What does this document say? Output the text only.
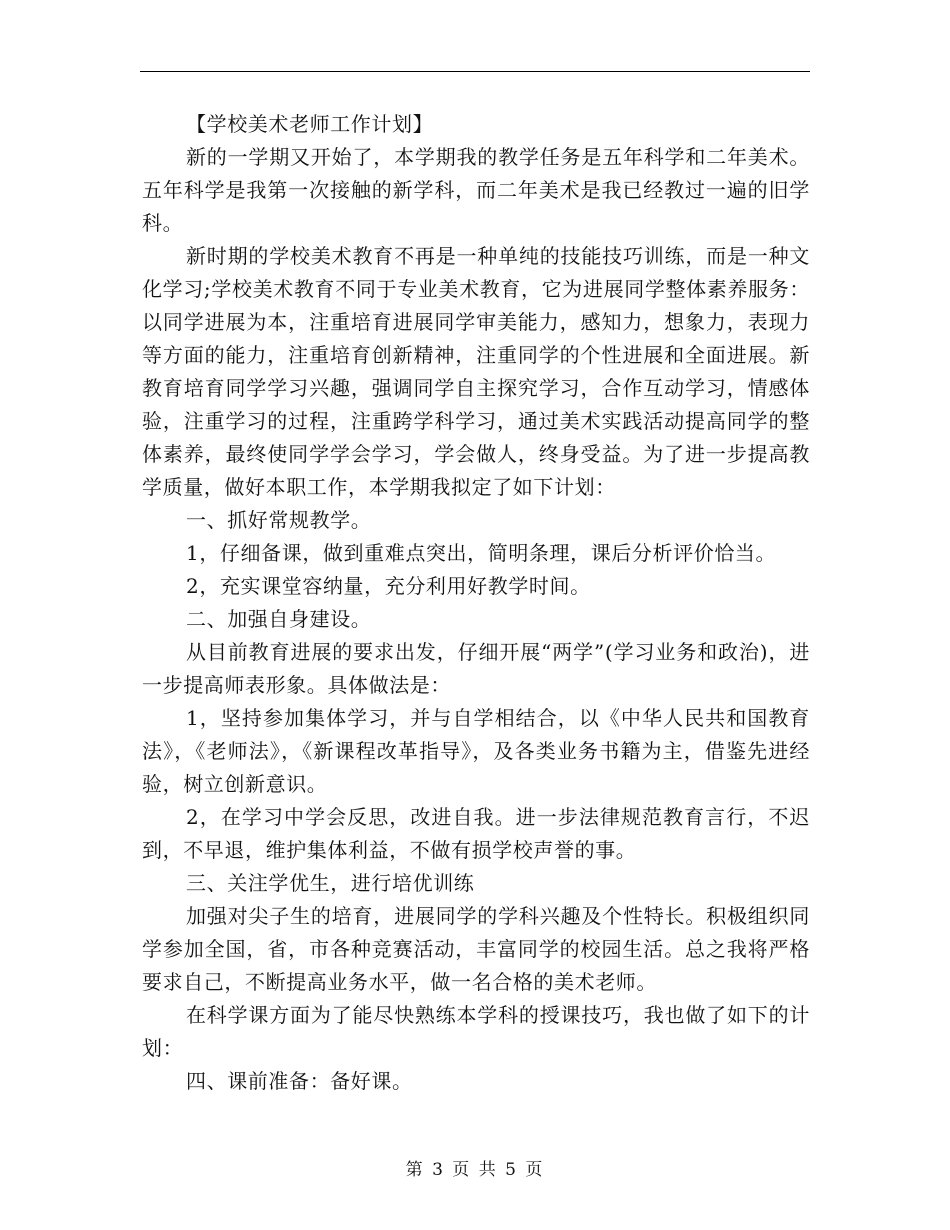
【学校美术老师工作计划】

新的一学期又开始了，本学期我的教学任务是五年科学和二年美术。五年科学是我第一次接触的新学科，而二年美术是我已经教过一遍的旧学科。

新时期的学校美术教育不再是一种单纯的技能技巧训练，而是一种文化学习;学校美术教育不同于专业美术教育，它为进展同学整体素养服务：以同学进展为本，注重培育进展同学审美能力，感知力，想象力，表现力等方面的能力，注重培育创新精神，注重同学的个性进展和全面进展。新教育培育同学学习兴趣，强调同学自主探究学习，合作互动学习，情感体验，注重学习的过程，注重跨学科学习，通过美术实践活动提高同学的整体素养，最终使同学学会学习，学会做人，终身受益。为了进一步提高教学质量，做好本职工作，本学期我拟定了如下计划：

一、抓好常规教学。

1，仔细备课，做到重难点突出，简明条理，课后分析评价恰当。

2，充实课堂容纳量，充分利用好教学时间。

二、加强自身建设。

从目前教育进展的要求出发，仔细开展“两学”(学习业务和政治)，进一步提高师表形象。具体做法是：

1，坚持参加集体学习，并与自学相结合，以《中华人民共和国教育法》，《老师法》，《新课程改革指导》，及各类业务书籍为主，借鉴先进经验，树立创新意识。

2，在学习中学会反思，改进自我。进一步法律规范教育言行，不迟到，不早退，维护集体利益，不做有损学校声誉的事。

三、关注学优生，进行培优训练

加强对尖子生的培育，进展同学的学科兴趣及个性特长。积极组织同学参加全国，省，市各种竞赛活动，丰富同学的校园生活。总之我将严格要求自己，不断提高业务水平，做一名合格的美术老师。

在科学课方面为了能尽快熟练本学科的授课技巧，我也做了如下的计划：

四、课前准备：备好课。

第 3 页 共 5 页
